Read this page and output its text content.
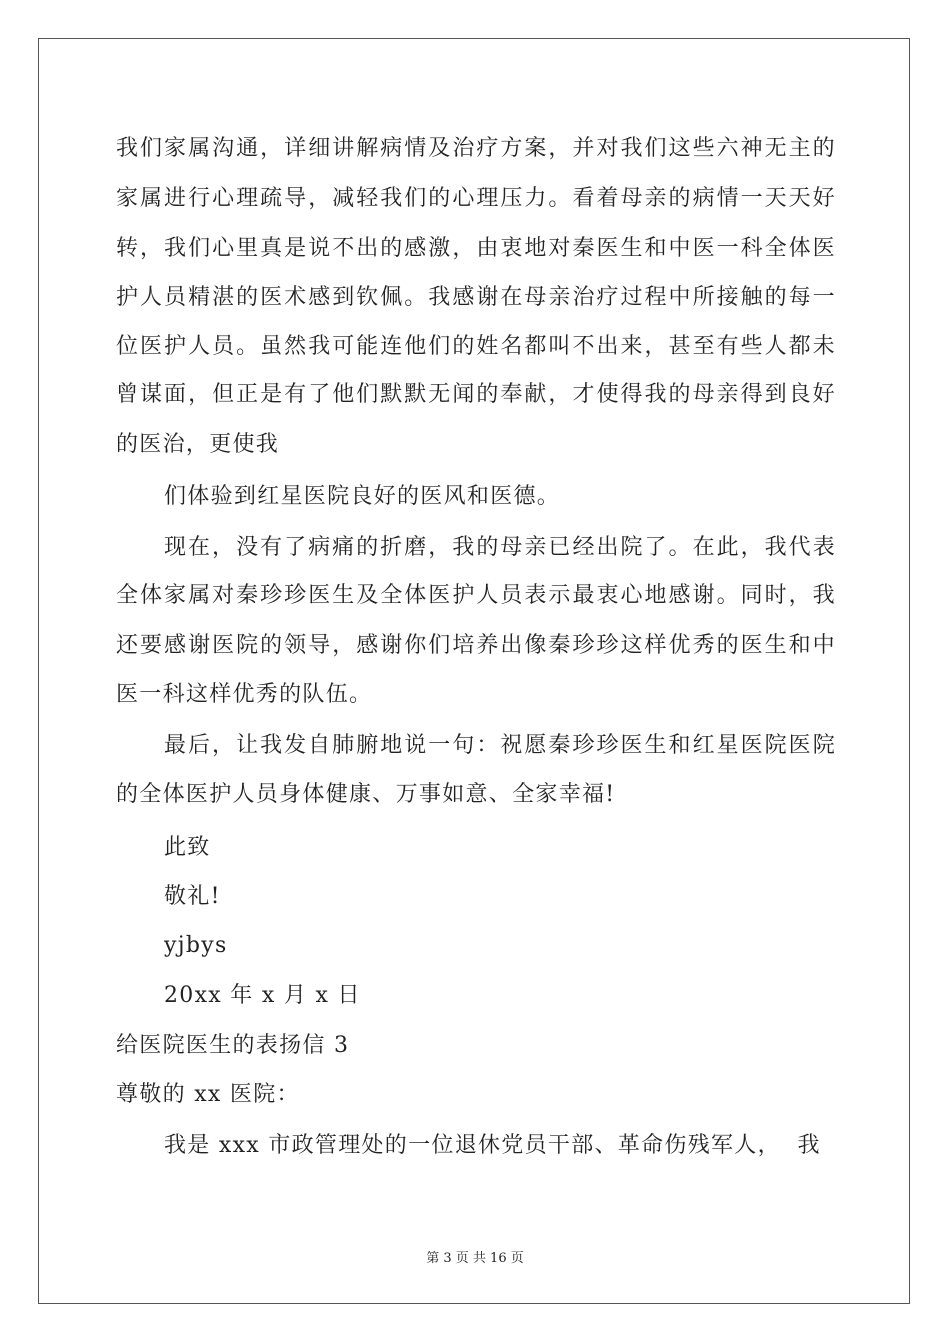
我们家属沟通，详细讲解病情及治疗方案，并对我们这些六神无主的
家属进行心理疏导，减轻我们的心理压力。看着母亲的病情一天天好
转，我们心里真是说不出的感激，由衷地对秦医生和中医一科全体医
护人员精湛的医术感到钦佩。我感谢在母亲治疗过程中所接触的每一
位医护人员。虽然我可能连他们的姓名都叫不出来，甚至有些人都未
曾谋面，但正是有了他们默默无闻的奉献，才使得我的母亲得到良好
的医治，更使我
们体验到红星医院良好的医风和医德。
现在，没有了病痛的折磨，我的母亲已经出院了。在此，我代表
全体家属对秦珍珍医生及全体医护人员表示最衷心地感谢。同时，我
还要感谢医院的领导，感谢你们培养出像秦珍珍这样优秀的医生和中
医一科这样优秀的队伍。
最后，让我发自肺腑地说一句：祝愿秦珍珍医生和红星医院医院
的全体医护人员身体健康、万事如意、全家幸福!
此致
敬礼!
yjbys
20xx 年 x 月 x 日
给医院医生的表扬信 3
尊敬的 xx 医院：
我是 xxx 市政管理处的一位退休党员干部、革命伤残军人，  我
第 3 页 共 16 页
